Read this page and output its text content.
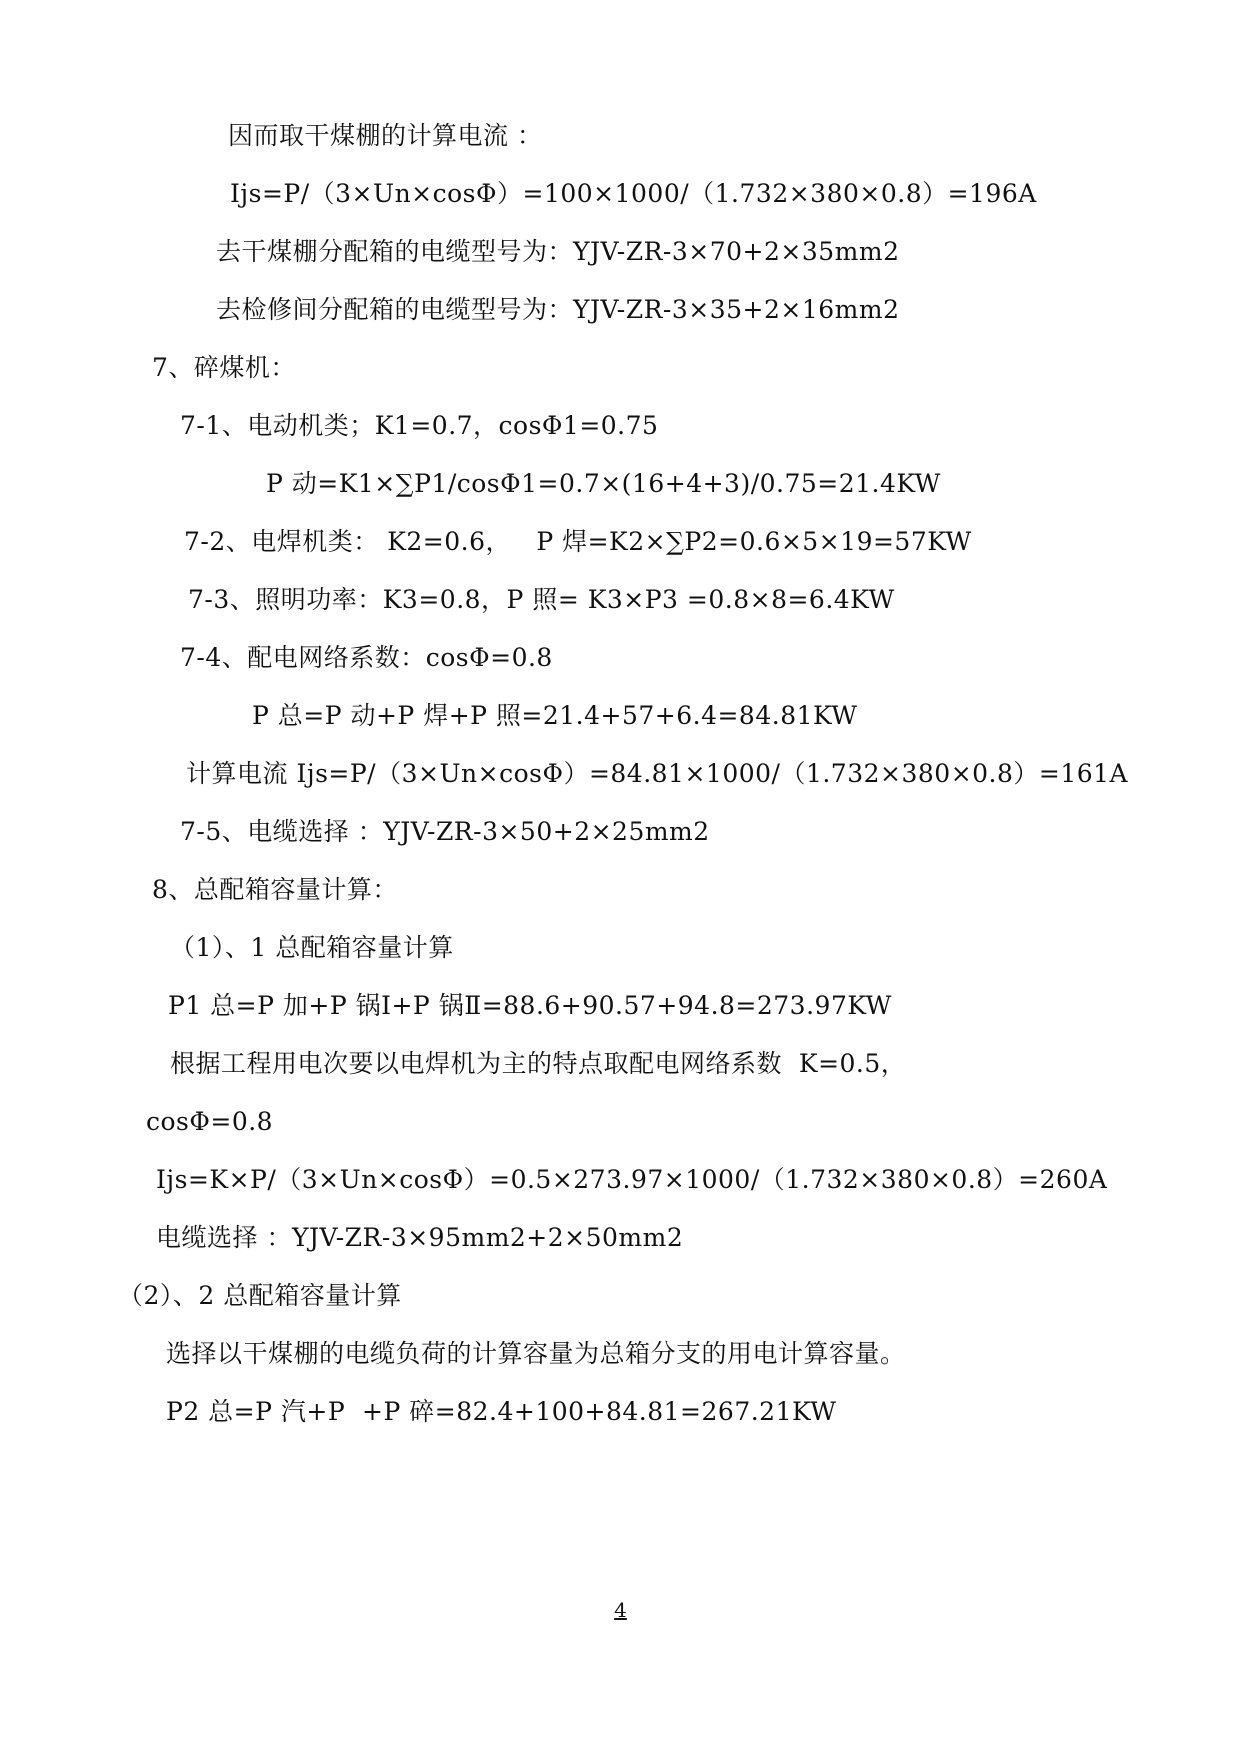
因而取干煤棚的计算电流 ：
Ijs=P/（3×Un×cosΦ）=100×1000/（1.732×380×0.8）=196A
去干煤棚分配箱的电缆型号为：YJV-ZR-3×70+2×35mm2
去检修间分配箱的电缆型号为：YJV-ZR-3×35+2×16mm2
7、碎煤机：
7-1、电动机类；K1=0.7，cosΦ1=0.75
P 动=K1×∑P1/cosΦ1=0.7×(16+4+3)/0.75=21.4KW
7-2、电焊机类： K2=0.6，   P 焊=K2×∑P2=0.6×5×19=57KW
7-3、照明功率：K3=0.8，P 照= K3×P3 =0.8×8=6.4KW
7-4、配电网络系数：cosΦ=0.8
P 总=P 动+P 焊+P 照=21.4+57+6.4=84.81KW
计算电流 Ijs=P/（3×Un×cosΦ）=84.81×1000/（1.732×380×0.8）=161A
7-5、电缆选择 ：YJV-ZR-3×50+2×25mm2
8、总配箱容量计算：
（1）、1 总配箱容量计算
P1 总=P 加+P 锅Ⅰ+P 锅Ⅱ=88.6+90.57+94.8=273.97KW
根据工程用电次要以电焊机为主的特点取配电网络系数  K=0.5，
cosΦ=0.8
Ijs=K×P/（3×Un×cosΦ）=0.5×273.97×1000/（1.732×380×0.8）=260A
电缆选择 ：YJV-ZR-3×95mm2+2×50mm2
（2）、2 总配箱容量计算
选择以干煤棚的电缆负荷的计算容量为总箱分支的用电计算容量。
P2 总=P 汽+P  +P 碎=82.4+100+84.81=267.21KW
4
